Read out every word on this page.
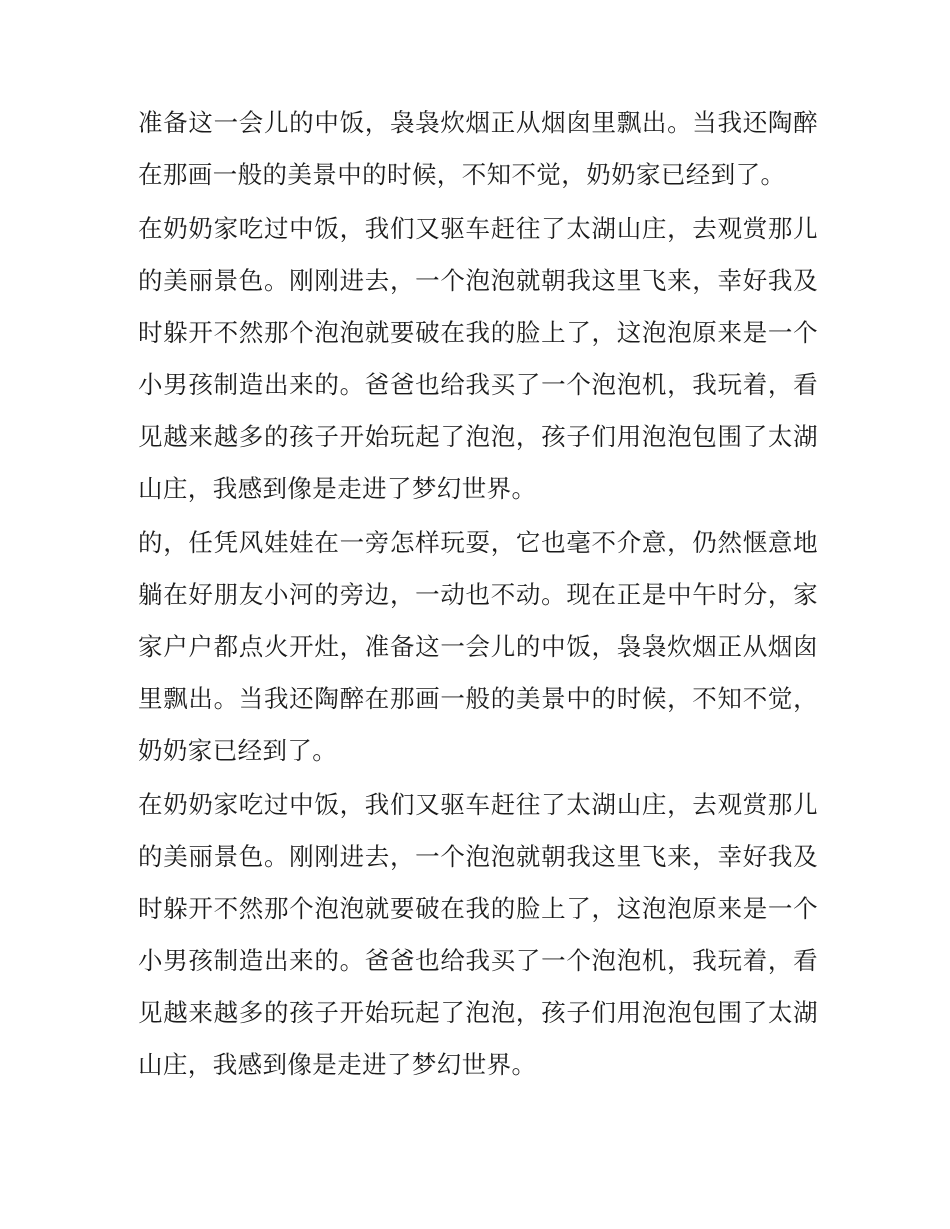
准备这一会儿的中饭，袅袅炊烟正从烟囱里飘出。当我还陶醉在那画一般的美景中的时候，不知不觉，奶奶家已经到了。

在奶奶家吃过中饭，我们又驱车赶往了太湖山庄，去观赏那儿的美丽景色。刚刚进去，一个泡泡就朝我这里飞来，幸好我及时躲开不然那个泡泡就要破在我的脸上了，这泡泡原来是一个小男孩制造出来的。爸爸也给我买了一个泡泡机，我玩着，看见越来越多的孩子开始玩起了泡泡，孩子们用泡泡包围了太湖山庄，我感到像是走进了梦幻世界。

的，任凭风娃娃在一旁怎样玩耍，它也毫不介意，仍然惬意地躺在好朋友小河的旁边，一动也不动。现在正是中午时分，家家户户都点火开灶，准备这一会儿的中饭，袅袅炊烟正从烟囱里飘出。当我还陶醉在那画一般的美景中的时候，不知不觉，奶奶家已经到了。

在奶奶家吃过中饭，我们又驱车赶往了太湖山庄，去观赏那儿的美丽景色。刚刚进去，一个泡泡就朝我这里飞来，幸好我及时躲开不然那个泡泡就要破在我的脸上了，这泡泡原来是一个小男孩制造出来的。爸爸也给我买了一个泡泡机，我玩着，看见越来越多的孩子开始玩起了泡泡，孩子们用泡泡包围了太湖山庄，我感到像是走进了梦幻世界。
